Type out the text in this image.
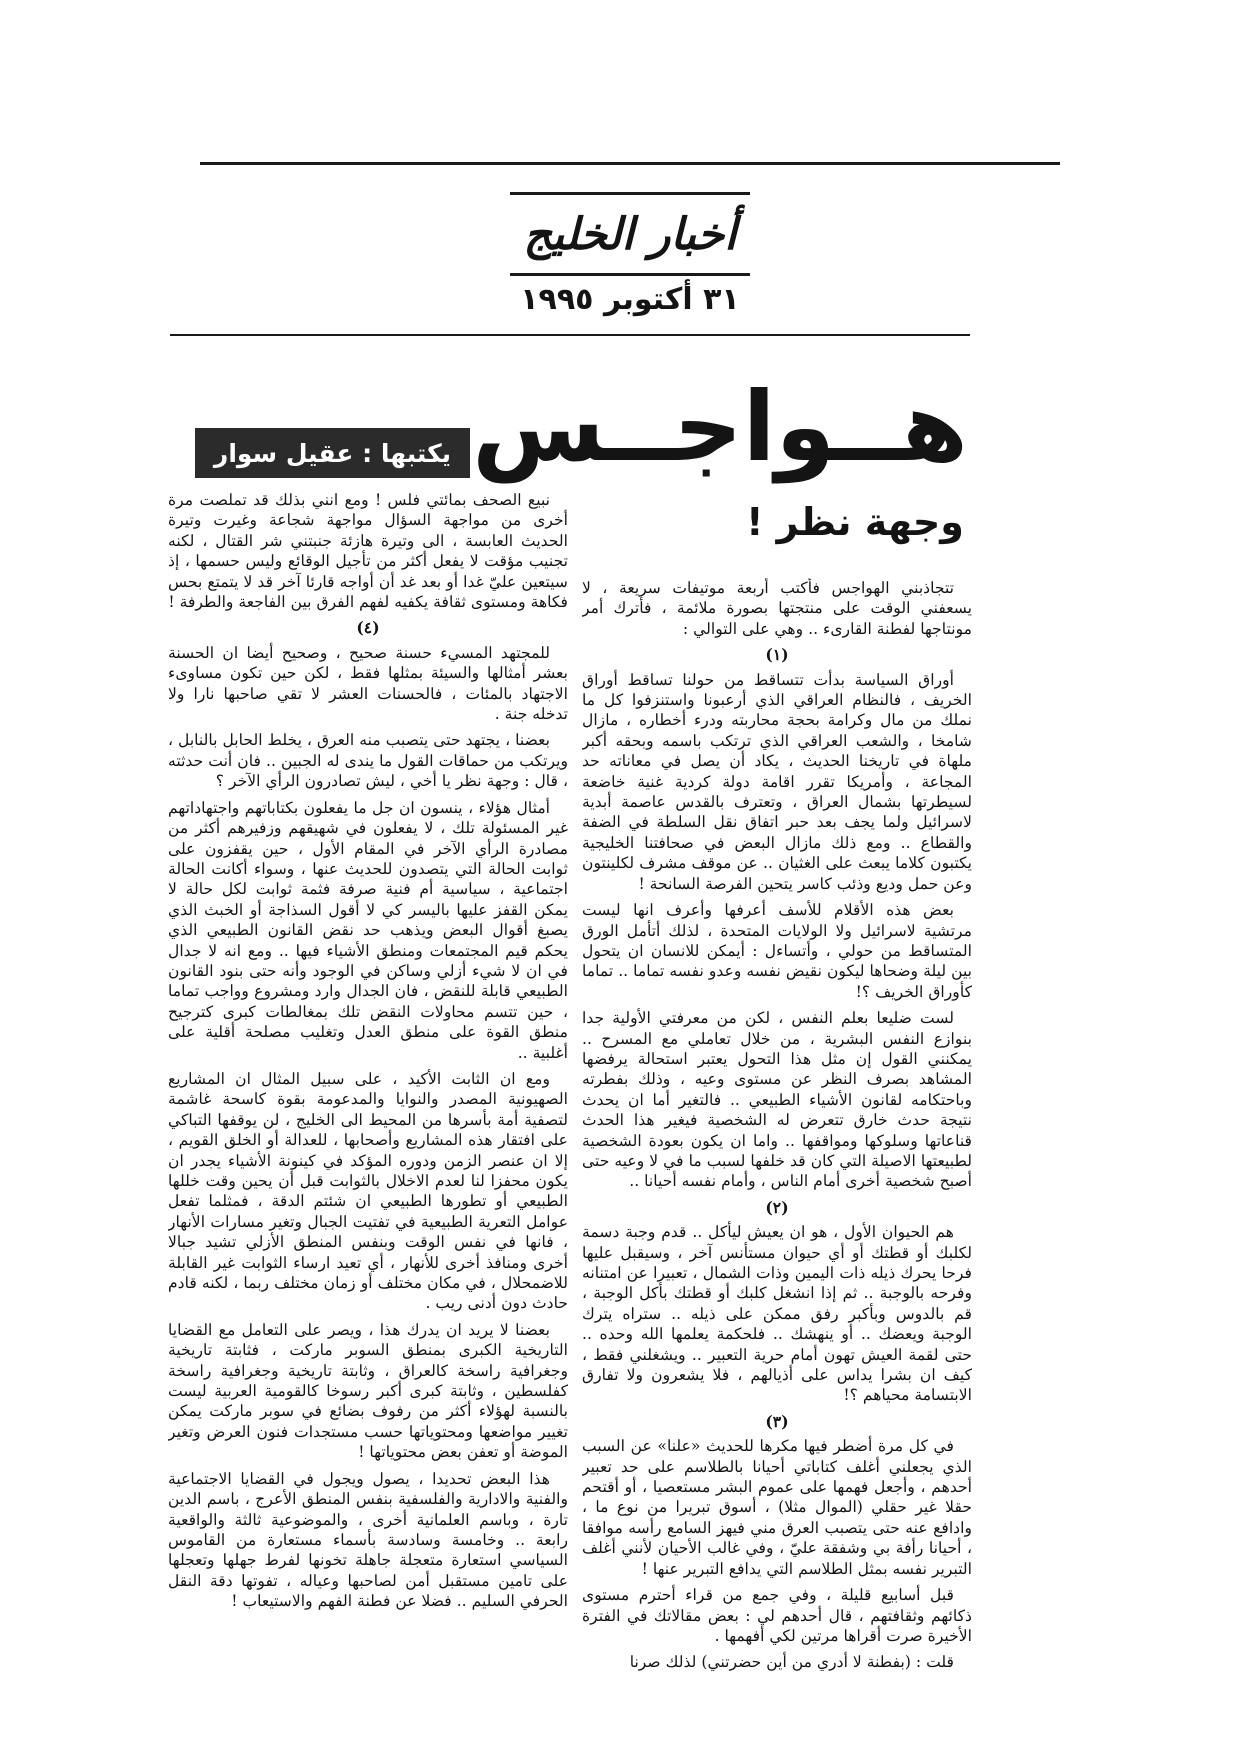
أخبار الخليج
٣١ أكتوبر ١٩٩٥
هــواجــس
يكتبها : عقيل سوار
وجهة نظر !

تتجاذبني الهواجس فأكتب أربعة موتيفات سريعة ، لا يسعفني الوقت على منتجتها بصورة ملائمة ، فأترك أمر مونتاجها لفطنة القارىء .. وهي على التوالي :

(١)

أوراق السياسة بدأت تتساقط من حولنا تساقط أوراق الخريف ، فالنظام العراقي الذي أرعبونا واستنزفوا كل ما نملك من مال وكرامة بحجة محاربته ودرء أخطاره ، مازال شامخا ، والشعب العراقي الذي ترتكب باسمه وبحقه أكبر ملهاة في تاريخنا الحديث ، يكاد أن يصل في معاناته حد المجاعة ، وأمريكا تقرر اقامة دولة كردية غنية خاضعة لسيطرتها بشمال العراق ، وتعترف بالقدس عاصمة أبدية لاسرائيل ولما يجف بعد حبر اتفاق نقل السلطة في الضفة والقطاع .. ومع ذلك مازال البعض في صحافتنا الخليجية يكتبون كلاما يبعث على الغثيان .. عن موقف مشرف لكلينتون وعن حمل وديع وذئب كاسر يتحين الفرصة السانحة !

بعض هذه الأقلام للأسف أعرفها وأعرف انها ليست مرتشية لاسرائيل ولا الولايات المتحدة ، لذلك أتأمل الورق المتساقط من حولي ، وأتساءل : أيمكن للانسان ان يتحول بين ليلة وضحاها ليكون نقيض نفسه وعدو نفسه تماما .. تماما كأوراق الخريف ؟!

لست ضليعا بعلم النفس ، لكن من معرفتي الأولية جدا بنوازع النفس البشرية ، من خلال تعاملي مع المسرح .. يمكنني القول إن مثل هذا التحول يعتبر استحالة يرفضها المشاهد بصرف النظر عن مستوى وعيه ، وذلك بفطرته وباحتكامه لقانون الأشياء الطبيعي .. فالتغير أما ان يحدث نتيجة حدث خارق تتعرض له الشخصية فيغير هذا الحدث قناعاتها وسلوكها ومواقفها .. واما ان يكون بعودة الشخصية لطبيعتها الاصيلة التي كان قد خلفها لسبب ما في لا وعيه حتى أصبح شخصية أخرى أمام الناس ، وأمام نفسه أحيانا ..

(٢)

هم الحيوان الأول ، هو ان يعيش ليأكل .. قدم وجبة دسمة لكلبك أو قطتك أو أي حيوان مستأنس آخر ، وسيقبل عليها فرحا يحرك ذيله ذات اليمين وذات الشمال ، تعبيرا عن امتنانه وفرحه بالوجبة .. ثم إذا انشغل كلبك أو قطتك بأكل الوجبة ، قم بالدوس وبأكبر رفق ممكن على ذيله .. ستراه يترك الوجبة ويعضك .. أو ينهشك .. فلحكمة يعلمها الله وحده .. حتى لقمة العيش تهون أمام حرية التعبير .. ويشغلني فقط ، كيف ان بشرا يداس على أذيالهم ، فلا يشعرون ولا تفارق الابتسامة محياهم ؟!

(٣)

في كل مرة أضطر فيها مكرها للحديث «علنا» عن السبب الذي يجعلني أغلف كتاباتي أحيانا بالطلاسم على حد تعبير أحدهم ، وأجعل فهمها على عموم البشر مستعصيا ، أو أقتحم حقلا غير حقلي (الموال مثلا) ، أسوق تبريرا من نوع ما ، وادافع عنه حتى يتصبب العرق مني فيهز السامع رأسه موافقا ، أحيانا رأفة بي وشفقة عليّ ، وفي غالب الأحيان لأنني أغلف التبرير نفسه بمثل الطلاسم التي يدافع التبرير عنها !

قبل أسابيع قليلة ، وفي جمع من قراء أحترم مستوى ذكائهم وثقافتهم ، قال أحدهم لي : بعض مقالاتك في الفترة الأخيرة صرت أقراها مرتين لكي أفهمها .

قلت : (بفطنة لا أدري من أين حضرتني) لذلك صرنا

نبيع الصحف بمائتي فلس ! ومع انني بذلك قد تملصت مرة أخرى من مواجهة السؤال مواجهة شجاعة وغيرت وتيرة الحديث العابسة ، الى وتيرة هازئة جنبتني شر القتال ، لكنه تجنيب مؤقت لا يفعل أكثر من تأجيل الوقائع وليس حسمها ، إذ سيتعين عليّ غدا أو بعد غد أن أواجه قارئا آخر قد لا يتمتع بحس فكاهة ومستوى ثقافة يكفيه لفهم الفرق بين الفاجعة والطرفة !

(٤)

للمجتهد المسيء حسنة صحيح ، وصحيح أيضا ان الحسنة بعشر أمثالها والسيئة بمثلها فقط ، لكن حين تكون مساوىء الاجتهاد بالمئات ، فالحسنات العشر لا تقي صاحبها نارا ولا تدخله جنة .

بعضنا ، يجتهد حتى يتصبب منه العرق ، يخلط الحابل بالنابل ، ويرتكب من حماقات القول ما يندى له الجبين .. فان أنت حدثته ، قال : وجهة نظر يا أخي ، ليش تصادرون الرأي الآخر ؟

أمثال هؤلاء ، ينسون ان جل ما يفعلون بكتاباتهم واجتهاداتهم غير المسئولة تلك ، لا يفعلون في شهيقهم وزفيرهم أكثر من مصادرة الرأي الآخر في المقام الأول ، حين يقفزون على ثوابت الحالة التي يتصدون للحديث عنها ، وسواء أكانت الحالة اجتماعية ، سياسية أم فنية صرفة فثمة ثوابت لكل حالة لا يمكن القفز عليها باليسر كي لا أقول السذاجة أو الخبث الذي يصبغ أقوال البعض ويذهب حد نقض القانون الطبيعي الذي يحكم قيم المجتمعات ومنطق الأشياء فيها .. ومع انه لا جدال في ان لا شيء أزلي وساكن في الوجود وأنه حتى بنود القانون الطبيعي قابلة للنقض ، فان الجدال وارد ومشروع وواجب تماما ، حين تتسم محاولات النقض تلك بمغالطات كبرى كترجيح منطق القوة على منطق العدل وتغليب مصلحة أقلية على أغلبية ..

ومع ان الثابت الأكيد ، على سبيل المثال ان المشاريع الصهيونية المصدر والنوايا والمدعومة بقوة كاسحة غاشمة لتصفية أمة بأسرها من المحيط الى الخليج ، لن يوقفها التباكي على افتقار هذه المشاريع وأصحابها ، للعدالة أو الخلق القويم ، إلا ان عنصر الزمن ودوره المؤكد في كينونة الأشياء يجدر ان يكون محفزا لنا لعدم الاخلال بالثوابت قبل أن يحين وقت خللها الطبيعي أو تطورها الطبيعي ان شئتم الدقة ، فمثلما تفعل عوامل التعرية الطبيعية في تفتيت الجبال وتغير مسارات الأنهار ، فانها في نفس الوقت وبنفس المنطق الأزلي تشيد جبالا أخرى ومنافذ أخرى للأنهار ، أي تعيد ارساء الثوابت غير القابلة للاضمحلال ، في مكان مختلف أو زمان مختلف ربما ، لكنه قادم حادث دون أدنى ريب .

بعضنا لا يريد ان يدرك هذا ، ويصر على التعامل مع القضايا التاريخية الكبرى بمنطق السوبر ماركت ، فثابتة تاريخية وجغرافية راسخة كالعراق ، وثابتة تاريخية وجغرافية راسخة كفلسطين ، وثابتة كبرى أكبر رسوخا كالقومية العربية ليست بالنسبة لهؤلاء أكثر من رفوف بضائع في سوبر ماركت يمكن تغيير مواضعها ومحتوياتها حسب مستجدات فنون العرض وتغير الموضة أو تعفن بعض محتوياتها !

هذا البعض تحديدا ، يصول ويجول في القضايا الاجتماعية والفنية والادارية والفلسفية بنفس المنطق الأعرج ، باسم الدين تارة ، وباسم العلمانية أخرى ، والموضوعية ثالثة والواقعية رابعة .. وخامسة وسادسة بأسماء مستعارة من القاموس السياسي استعارة متعجلة جاهلة تخونها لفرط جهلها وتعجلها على تامين مستقبل أمن لصاحبها وعياله ، تفوتها دقة النقل الحرفي السليم .. فضلا عن فطنة الفهم والاستيعاب !
